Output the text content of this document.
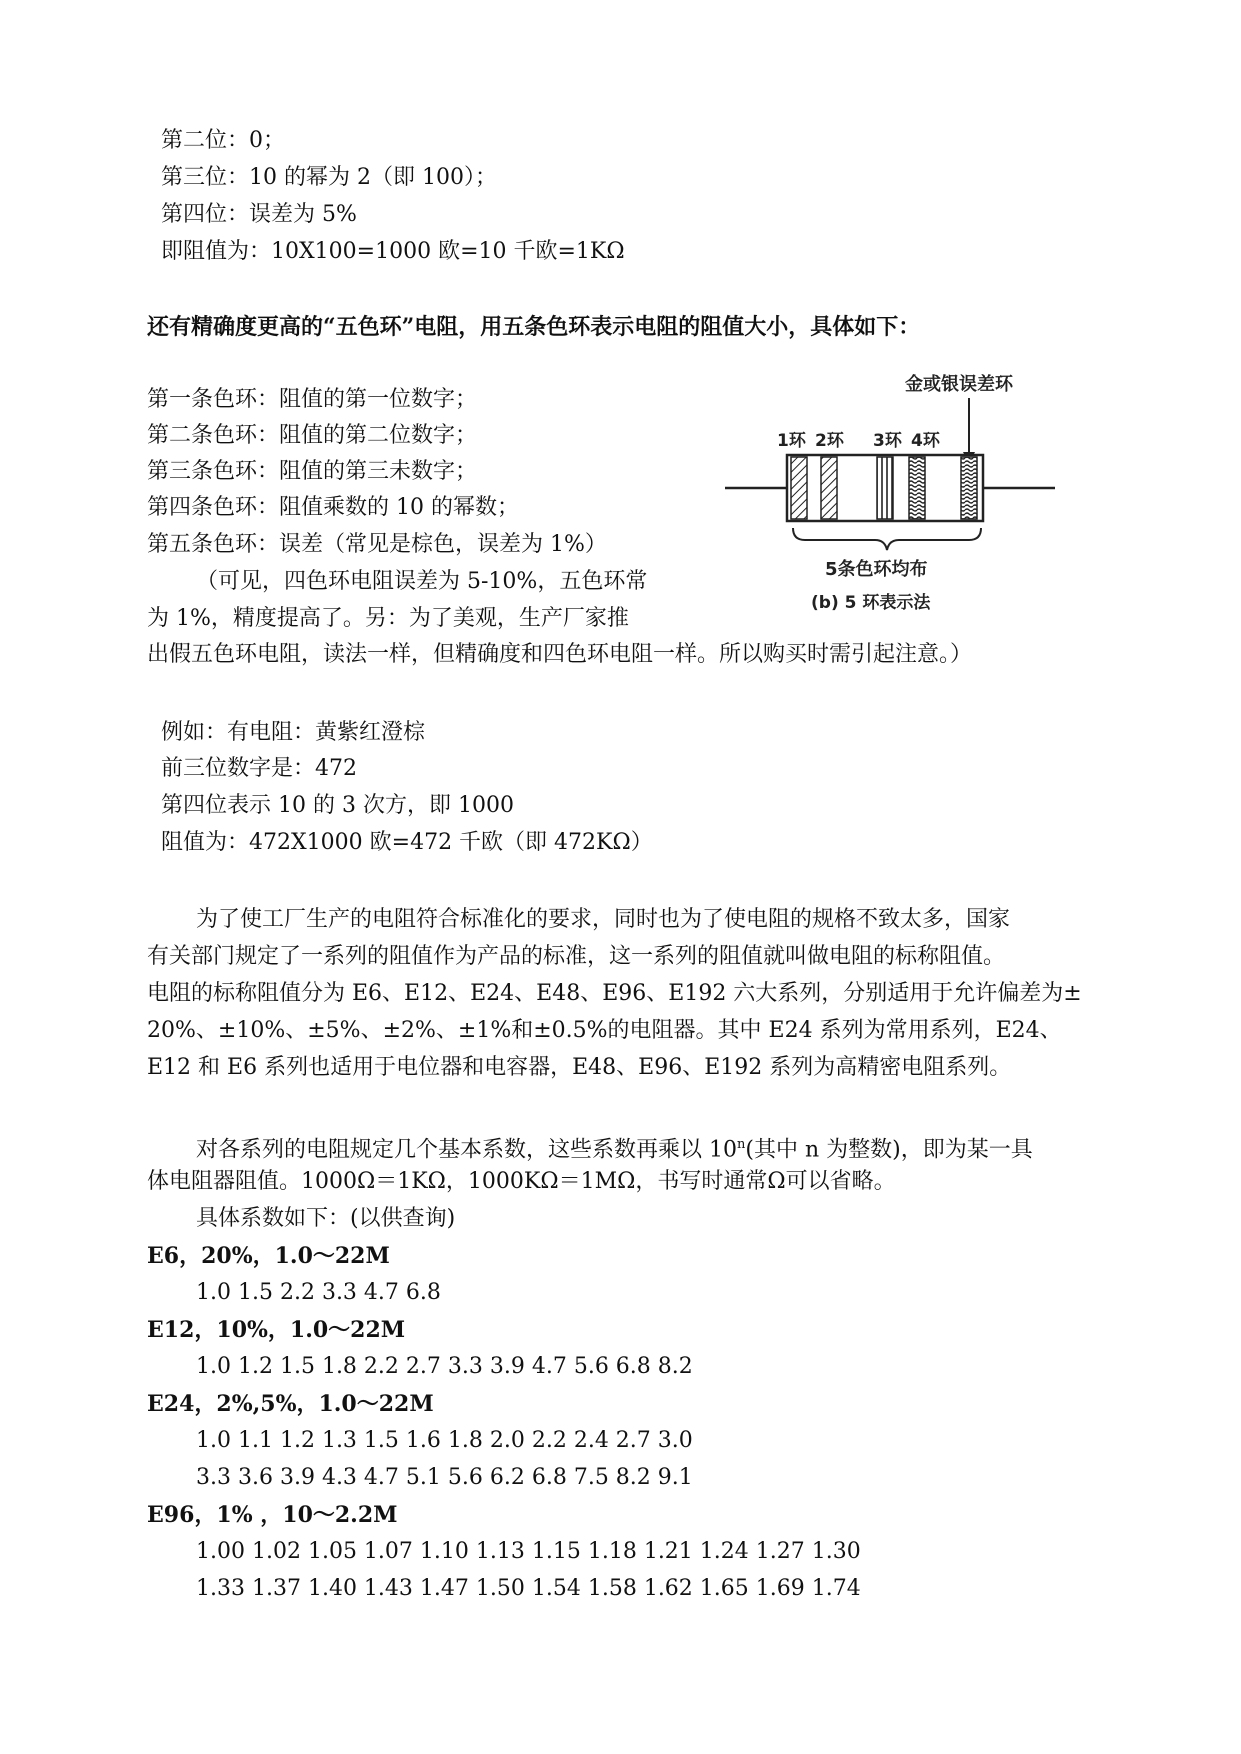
第二位：0；
第三位：10 的幂为 2（即 100）；
第四位：误差为 5%
即阻值为：10X100=1000 欧=10 千欧=1KΩ
还有精确度更高的“五色环”电阻，用五条色环表示电阻的阻值大小，具体如下：
第一条色环：阻值的第一位数字；
第二条色环：阻值的第二位数字；
第三条色环：阻值的第三未数字；
第四条色环：阻值乘数的 10 的幂数；
第五条色环：误差（常见是棕色，误差为 1%）
（可见，四色环电阻误差为 5-10%，五色环常
为 1%，精度提高了。另：为了美观，生产厂家推
出假五色环电阻，读法一样，但精确度和四色环电阻一样。所以购买时需引起注意。）
金或银误差环
1环 2环 3环 4环
5条色环均布
(b) 5 环表示法
例如：有电阻：黄紫红澄棕
前三位数字是：472
第四位表示 10 的 3 次方，即 1000
阻值为：472X1000 欧=472 千欧（即 472KΩ）
为了使工厂生产的电阻符合标准化的要求，同时也为了使电阻的规格不致太多，国家
有关部门规定了一系列的阻值作为产品的标准，这一系列的阻值就叫做电阻的标称阻值。
电阻的标称阻值分为 E6、E12、E24、E48、E96、E192 六大系列，分别适用于允许偏差为±
20%、±10%、±5%、±2%、±1%和±0.5%的电阻器。其中 E24 系列为常用系列，E24、
E12 和 E6 系列也适用于电位器和电容器，E48、E96、E192 系列为高精密电阻系列。
对各系列的电阻规定几个基本系数，这些系数再乘以 10$^n$(其中 n 为整数)，即为某一具
体电阻器阻值。1000Ω＝1KΩ，1000KΩ＝1MΩ，书写时通常Ω可以省略。
具体系数如下：(以供查询)
E6，20%，1.0～22M
1.0 1.5 2.2 3.3 4.7 6.8
E12，10%，1.0～22M
1.0 1.2 1.5 1.8 2.2 2.7 3.3 3.9 4.7 5.6 6.8 8.2
E24，2%,5%，1.0～22M
1.0 1.1 1.2 1.3 1.5 1.6 1.8 2.0 2.2 2.4 2.7 3.0
3.3 3.6 3.9 4.3 4.7 5.1 5.6 6.2 6.8 7.5 8.2 9.1
E96，1% ，10～2.2M
1.00 1.02 1.05 1.07 1.10 1.13 1.15 1.18 1.21 1.24 1.27 1.30
1.33 1.37 1.40 1.43 1.47 1.50 1.54 1.58 1.62 1.65 1.69 1.74
